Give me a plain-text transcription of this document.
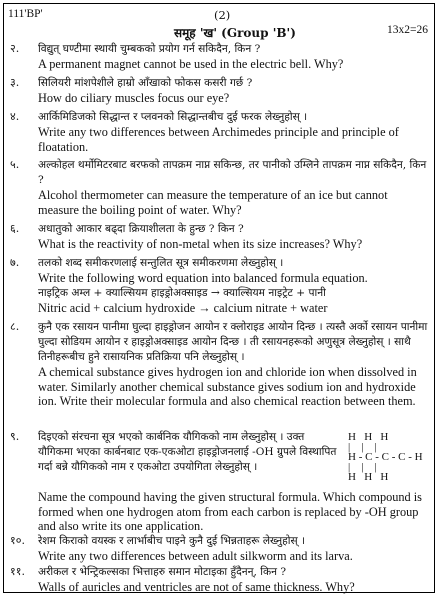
111'BP'	(2)
समूह 'ख' (Group 'B')	13x2=26
२.	विद्युत् घण्टीमा स्थायी चुम्बकको प्रयोग गर्न सकिदैन, किन ?
A permanent magnet cannot be used in the electric bell. Why?
३.	सिलियरी मांशपेशीले हाम्रो आँखाको फोकस कसरी गर्छ ?
How do ciliary muscles focus our eye?
४.	आर्किमिडिजको सिद्धान्त र प्लवनको सिद्धान्तबीच दुई फरक लेख्नुहोस् ।
Write any two differences between Archimedes principle and principle of floatation.
५.	अल्कोहल थर्मोमिटरबाट बरफको तापक्रम नाप्न सकिन्छ, तर पानीको उम्लिने तापक्रम नाप्न सकिदैन, किन ?
Alcohol thermometer can measure the temperature of an ice but cannot measure the boiling point of water. Why?
६.	अधातुको आकार बढ्दा क्रियाशीलता के हुन्छ ? किन ?
What is the reactivity of non-metal when its size increases? Why?
७.	तलको शब्द समीकरणलाई सन्तुलित सूत्र समीकरणमा लेख्नुहोस् ।
Write the following word equation into balanced formula equation.
नाइट्रिक अम्ल + क्याल्सियम हाइड्रोअक्साइड → क्याल्सियम नाइट्रेट + पानी
Nitric acid + calcium hydroxide → calcium nitrate + water
८.	कुनै एक रसायन पानीमा घुल्दा हाइड्रोजन आयोन र क्लोराइड आयोन दिन्छ । त्यस्तै अर्को रसायन पानीमा घुल्दा सोडियम आयोन र हाइड्रोअक्साइड आयोन दिन्छ । ती रसायनहरूको अणुसूत्र लेख्नुहोस् । साथै तिनीहरूबीच हुने रासायनिक प्रतिक्रिया पनि लेख्नुहोस् ।
A chemical substance gives hydrogen ion and chloride ion when dissolved in water. Similarly another chemical substance gives sodium ion and hydroxide ion. Write their molecular formula and also chemical reaction between them.
९.	दिइएको संरचना सूत्र भएको कार्बनिक यौगिकको नाम लेख्नुहोस् । उक्त यौगिकमा भएका कार्बनबाट एक-एकओटा हाइड्रोजनलाई -OH ग्रुपले विस्थापित गर्दा बन्ने यौगिकको नाम र एकओटा उपयोगिता लेख्नुहोस् ।
H   H   H
|    |    |
H - C - C - C - H
|    |    |
H   H   H
Name the compound having the given structural formula. Which compound is formed when one hydrogen atom from each carbon is replaced by -OH group and also write its one application.
१०.	रेशम किराको वयस्क र लार्भाबीच पाइने कुनै दुई भिन्नताहरू लेख्नुहोस् ।
Write any two differences between adult silkworm and its larva.
११.	अरीकल र भेन्ट्रिकल्सका भित्ताहरु समान मोटाइका हुँदैनन्, किन ?
Walls of auricles and ventricles are not of same thickness. Why?
